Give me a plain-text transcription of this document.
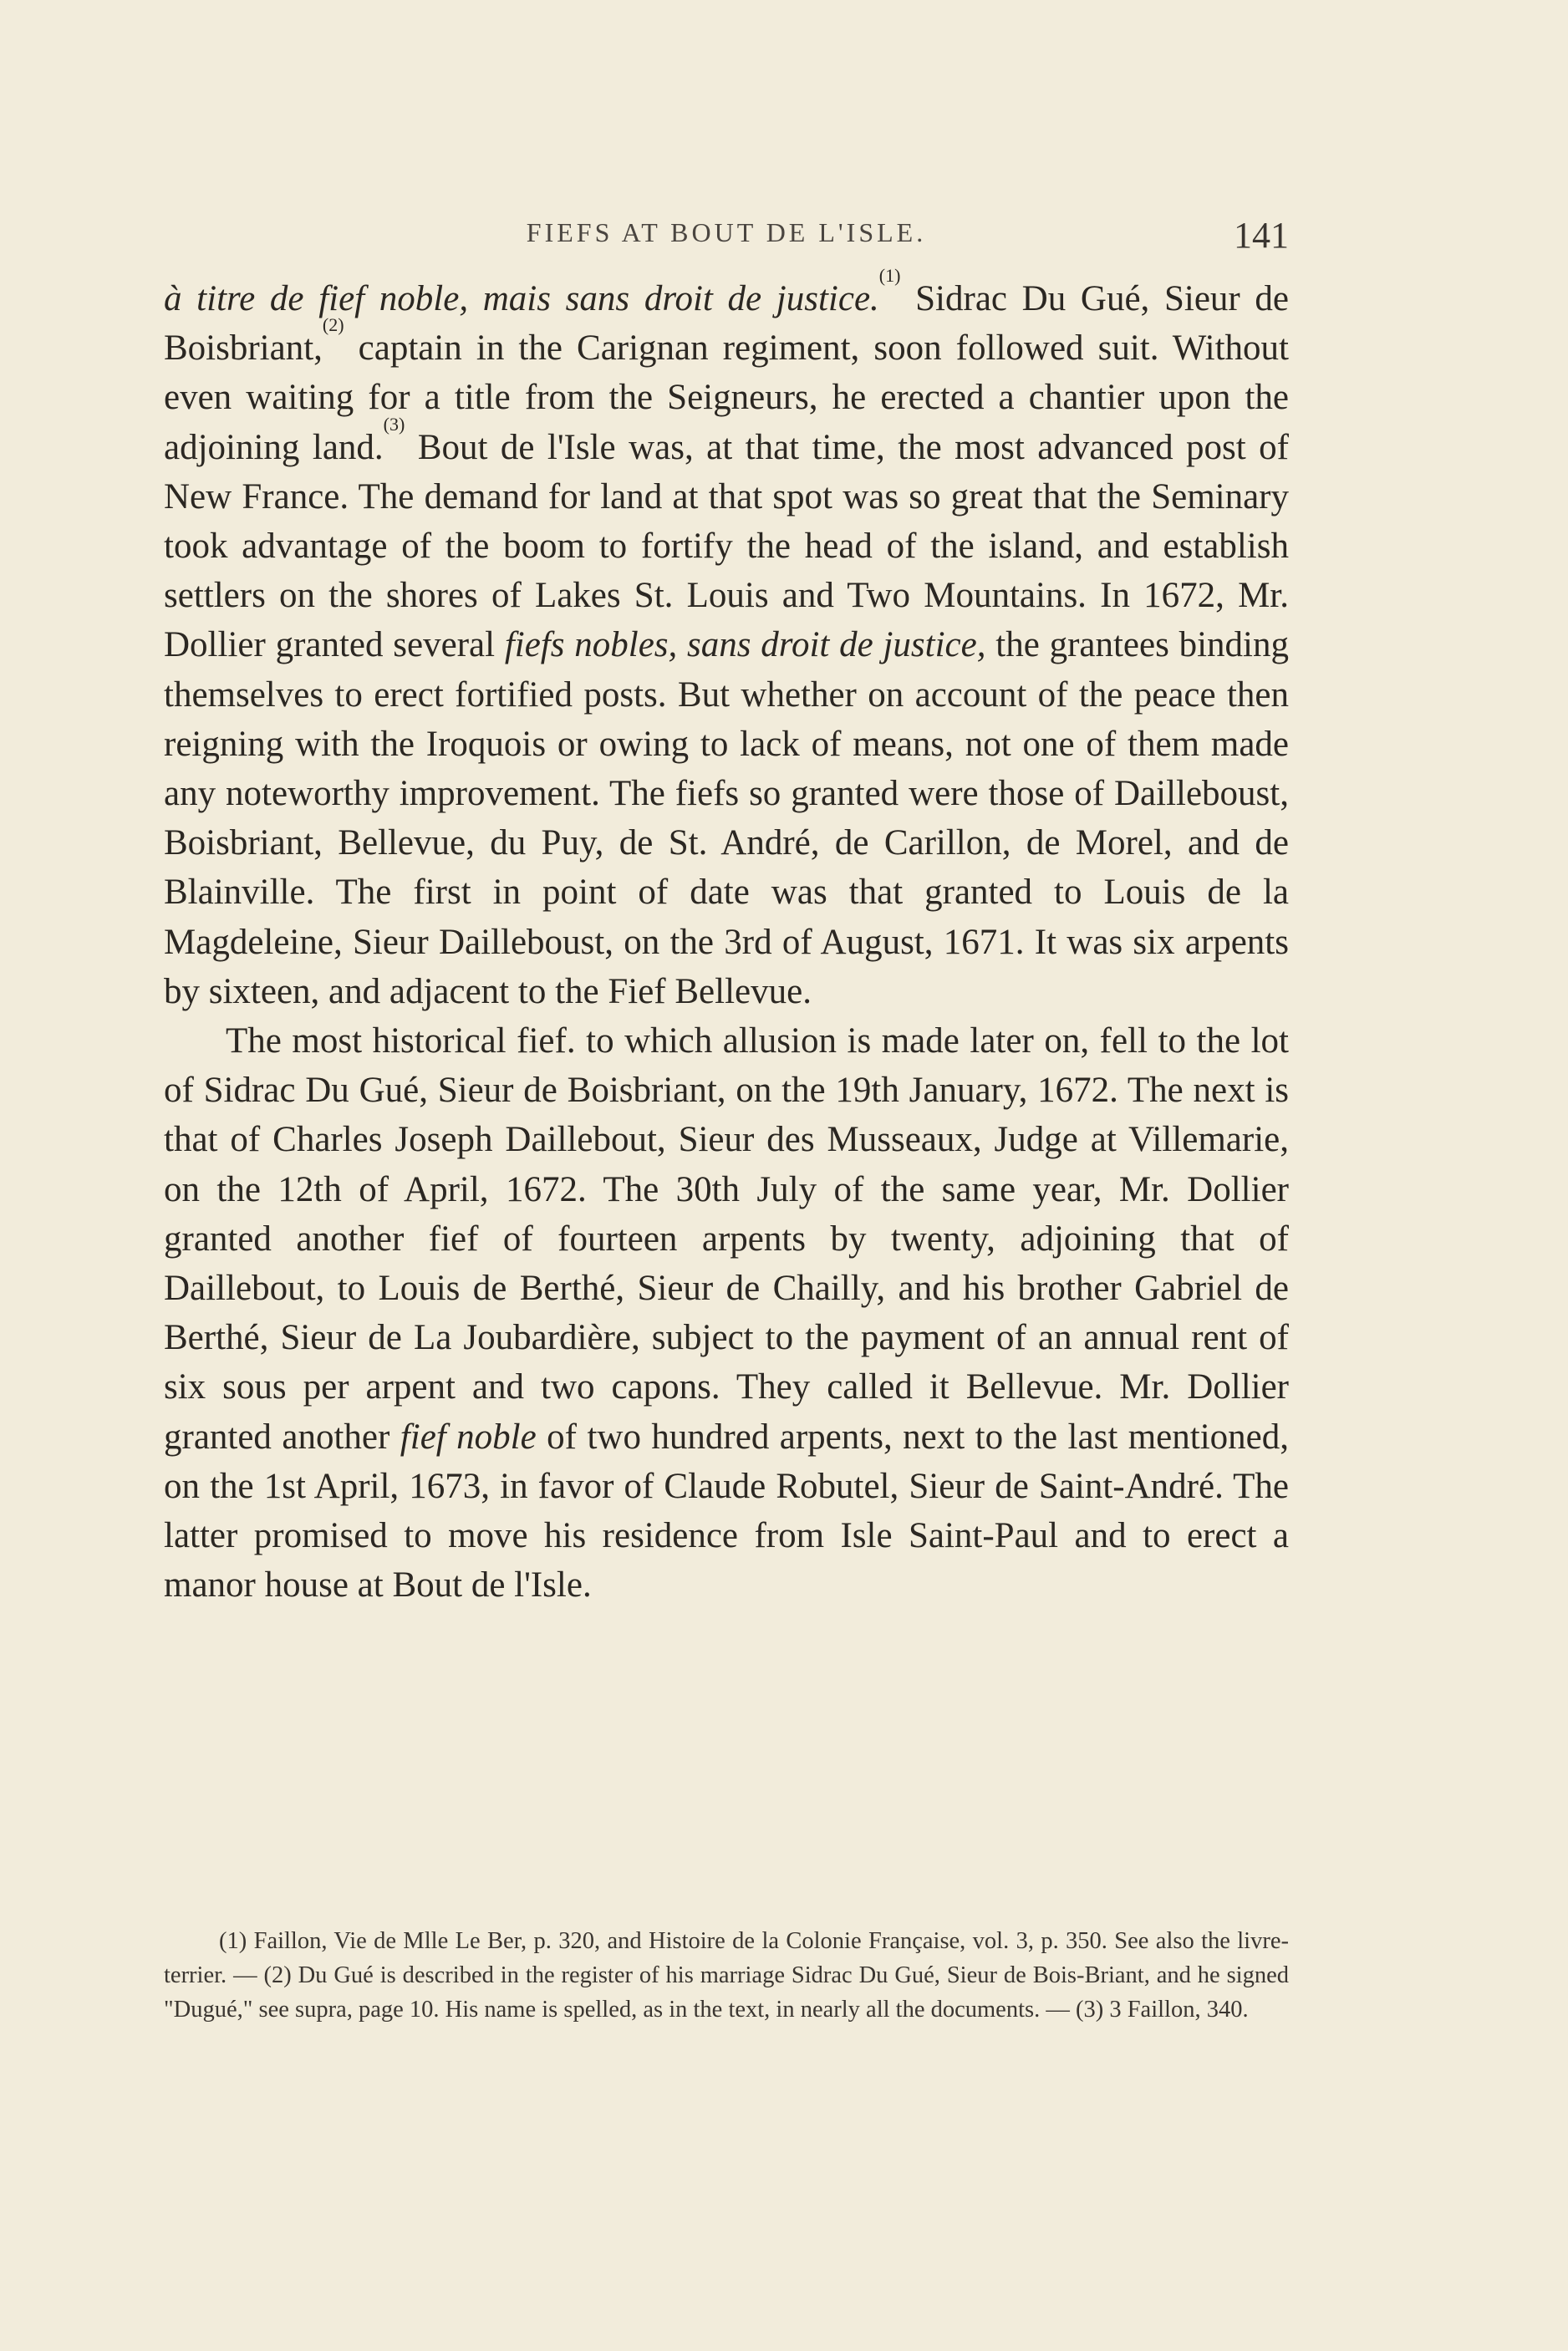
FIEFS AT BOUT DE L'ISLE.	141

à titre de fief noble, mais sans droit de justice.$^{(1)}$ Sidrac Du Gué, Sieur de Boisbriant,$^{(2)}$ captain in the Carignan regiment, soon followed suit. Without even waiting for a title from the Seigneurs, he erected a chantier upon the adjoining land.$^{(3)}$ Bout de l'Isle was, at that time, the most advanced post of New France. The demand for land at that spot was so great that the Seminary took advantage of the boom to fortify the head of the island, and establish settlers on the shores of Lakes St. Louis and Two Mountains. In 1672, Mr. Dollier granted several fiefs nobles, sans droit de justice, the grantees binding themselves to erect fortified posts. But whether on account of the peace then reigning with the Iroquois or owing to lack of means, not one of them made any noteworthy improvement. The fiefs so granted were those of Dailleboust, Boisbriant, Bellevue, du Puy, de St. André, de Carillon, de Morel, and de Blainville. The first in point of date was that granted to Louis de la Magdeleine, Sieur Dailleboust, on the 3rd of August, 1671. It was six arpents by sixteen, and adjacent to the Fief Bellevue.

The most historical fief. to which allusion is made later on, fell to the lot of Sidrac Du Gué, Sieur de Boisbriant, on the 19th January, 1672. The next is that of Charles Joseph Daillebout, Sieur des Musseaux, Judge at Villemarie, on the 12th of April, 1672. The 30th July of the same year, Mr. Dollier granted another fief of fourteen arpents by twenty, adjoining that of Daillebout, to Louis de Berthé, Sieur de Chailly, and his brother Gabriel de Berthé, Sieur de La Joubardière, subject to the payment of an annual rent of six sous per arpent and two capons. They called it Bellevue. Mr. Dollier granted another fief noble of two hundred arpents, next to the last mentioned, on the 1st April, 1673, in favor of Claude Robutel, Sieur de Saint-André. The latter promised to move his residence from Isle Saint-Paul and to erect a manor house at Bout de l'Isle.

(1) Faillon, Vie de Mlle Le Ber, p. 320, and Histoire de la Colonie Française, vol. 3, p. 350. See also the livre-terrier. — (2) Du Gué is described in the register of his marriage Sidrac Du Gué, Sieur de Bois-Briant, and he signed "Dugué," see supra, page 10. His name is spelled, as in the text, in nearly all the documents. — (3) 3 Faillon, 340.
